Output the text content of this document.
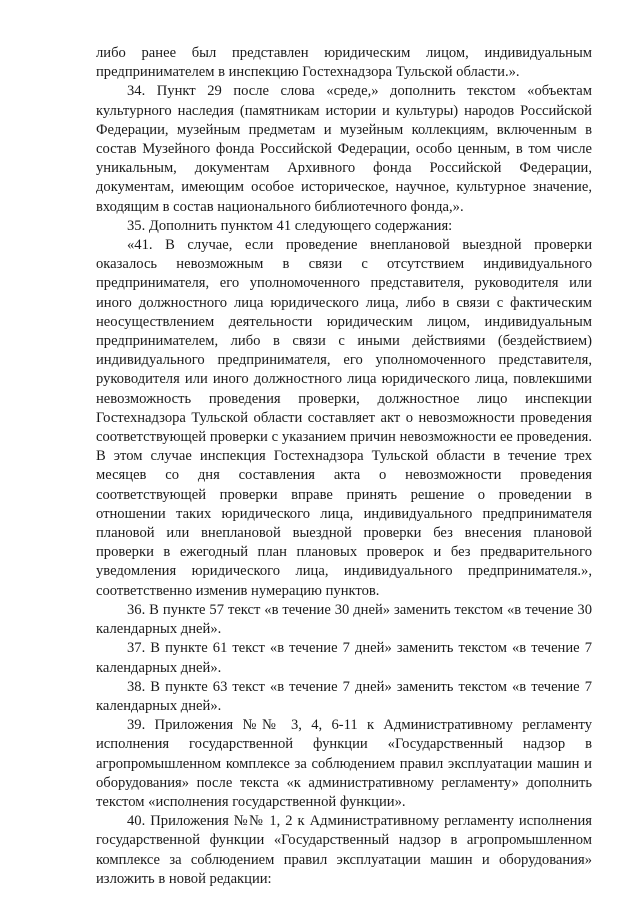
либо ранее был представлен юридическим лицом, индивидуальным предпринимателем в инспекцию Гостехнадзора Тульской области.».

34. Пункт 29 после слова «среде,» дополнить текстом «объектам культурного наследия (памятникам истории и культуры) народов Российской Федерации, музейным предметам и музейным коллекциям, включенным в состав Музейного фонда Российской Федерации, особо ценным, в том числе уникальным, документам Архивного фонда Российской Федерации, документам, имеющим особое историческое, научное, культурное значение, входящим в состав национального библиотечного фонда,».

35. Дополнить пунктом 41 следующего содержания:

«41. В случае, если проведение внеплановой выездной проверки оказалось невозможным в связи с отсутствием индивидуального предпринимателя, его уполномоченного представителя, руководителя или иного должностного лица юридического лица, либо в связи с фактическим неосуществлением деятельности юридическим лицом, индивидуальным предпринимателем, либо в связи с иными действиями (бездействием) индивидуального предпринимателя, его уполномоченного представителя, руководителя или иного должностного лица юридического лица, повлекшими невозможность проведения проверки, должностное лицо инспекции Гостехнадзора Тульской области составляет акт о невозможности проведения соответствующей проверки с указанием причин невозможности ее проведения. В этом случае инспекция Гостехнадзора Тульской области в течение трех месяцев со дня составления акта о невозможности проведения соответствующей проверки вправе принять решение о проведении в отношении таких юридического лица, индивидуального предпринимателя плановой или внеплановой выездной проверки без внесения плановой проверки в ежегодный план плановых проверок и без предварительного уведомления юридического лица, индивидуального предпринимателя.», соответственно изменив нумерацию пунктов.

36. В пункте 57 текст «в течение 30 дней» заменить текстом «в течение 30 календарных дней».

37. В пункте 61 текст «в течение 7 дней» заменить текстом «в течение 7 календарных дней».

38. В пункте 63 текст «в течение 7 дней» заменить текстом «в течение 7 календарных дней».

39. Приложения №№ 3, 4, 6-11 к Административному регламенту исполнения государственной функции «Государственный надзор в агропромышленном комплексе за соблюдением правил эксплуатации машин и оборудования» после текста «к административному регламенту» дополнить текстом «исполнения государственной функции».

40. Приложения №№ 1, 2 к Административному регламенту исполнения государственной функции «Государственный надзор в агропромышленном комплексе за соблюдением правил эксплуатации машин и оборудования» изложить в новой редакции:
